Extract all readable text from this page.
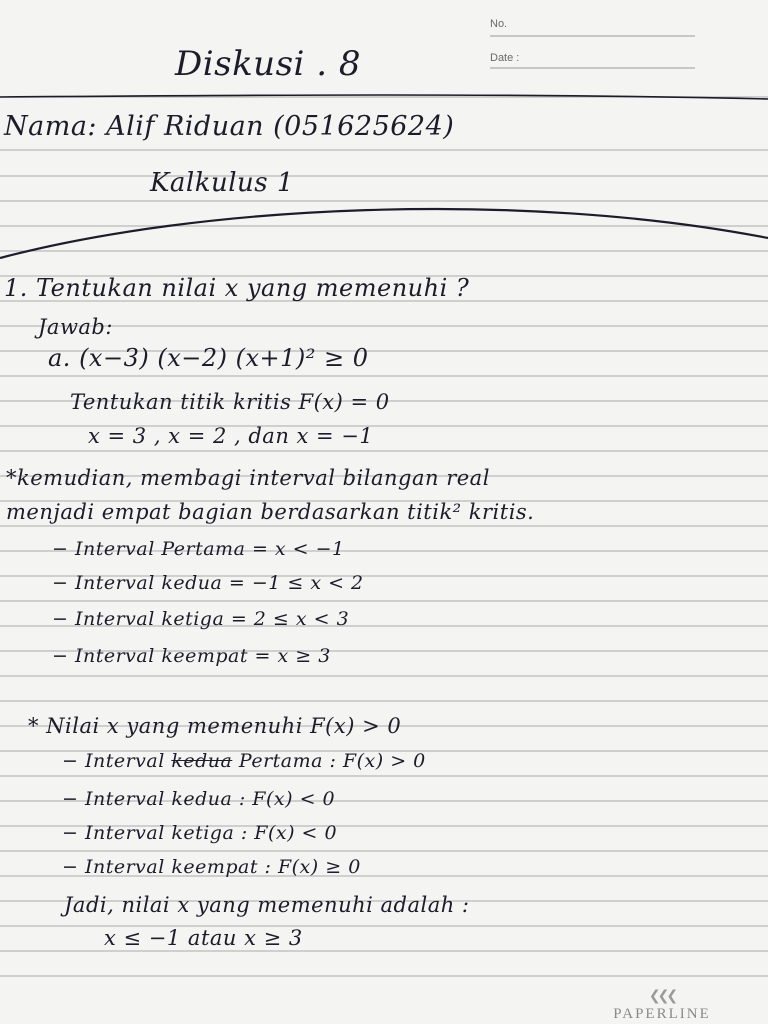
No.
Date :
Diskusi . 8
Nama: Alif Riduan (051625624)
Kalkulus 1
1. Tentukan nilai x yang memenuhi ?
Jawab:
a. (x−3) (x−2) (x+1)² ≥ 0
Tentukan titik kritis F(x) = 0
x = 3 , x = 2 , dan x = −1
*kemudian, membagi interval bilangan real
menjadi empat bagian berdasarkan titik² kritis.
− Interval Pertama = x < −1
− Interval kedua = −1 ≤ x < 2
− Interval ketiga = 2 ≤ x < 3
− Interval keempat = x ≥ 3
* Nilai x yang memenuhi F(x) > 0
− Interval kedua Pertama : F(x) > 0
− Interval kedua : F(x) < 0
− Interval ketiga : F(x) < 0
− Interval keempat : F(x) ≥ 0
Jadi, nilai x yang memenuhi adalah :
x ≤ −1 atau x ≥ 3
❮❮❮
PAPERLINE
